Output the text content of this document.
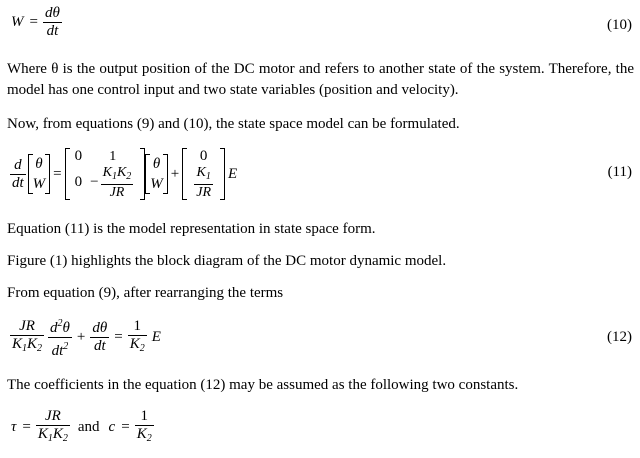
$W = \frac{d\theta}{dt}$	(10)
Where θ is the output position of the DC motor and refers to another state of the system. Therefore, the model has one control input and two state variables (position and velocity).
Now, from equations (9) and (10), the state space model can be formulated.
$\frac{d}{dt}$ θ
W
=
0	1

0	− $\frac{K_1K_2}{JR}$
θ
W
+
0

$\frac{K_1}{JR}$ E	(11)
Equation (11) is the model representation in state space form.
Figure (1) highlights the block diagram of the DC motor dynamic model.
From equation (9), after rearranging the terms
$\frac{JR}{K_1K_2} \frac{d^2\theta}{dt^2} + \frac{d\theta}{dt} = \frac{1}{K_2}$ E	(12)
The coefficients in the equation (12) may be assumed as the following two constants.
$\tau = \frac{JR}{K_1K_2}$ and $c = \frac{1}{K_2}$
